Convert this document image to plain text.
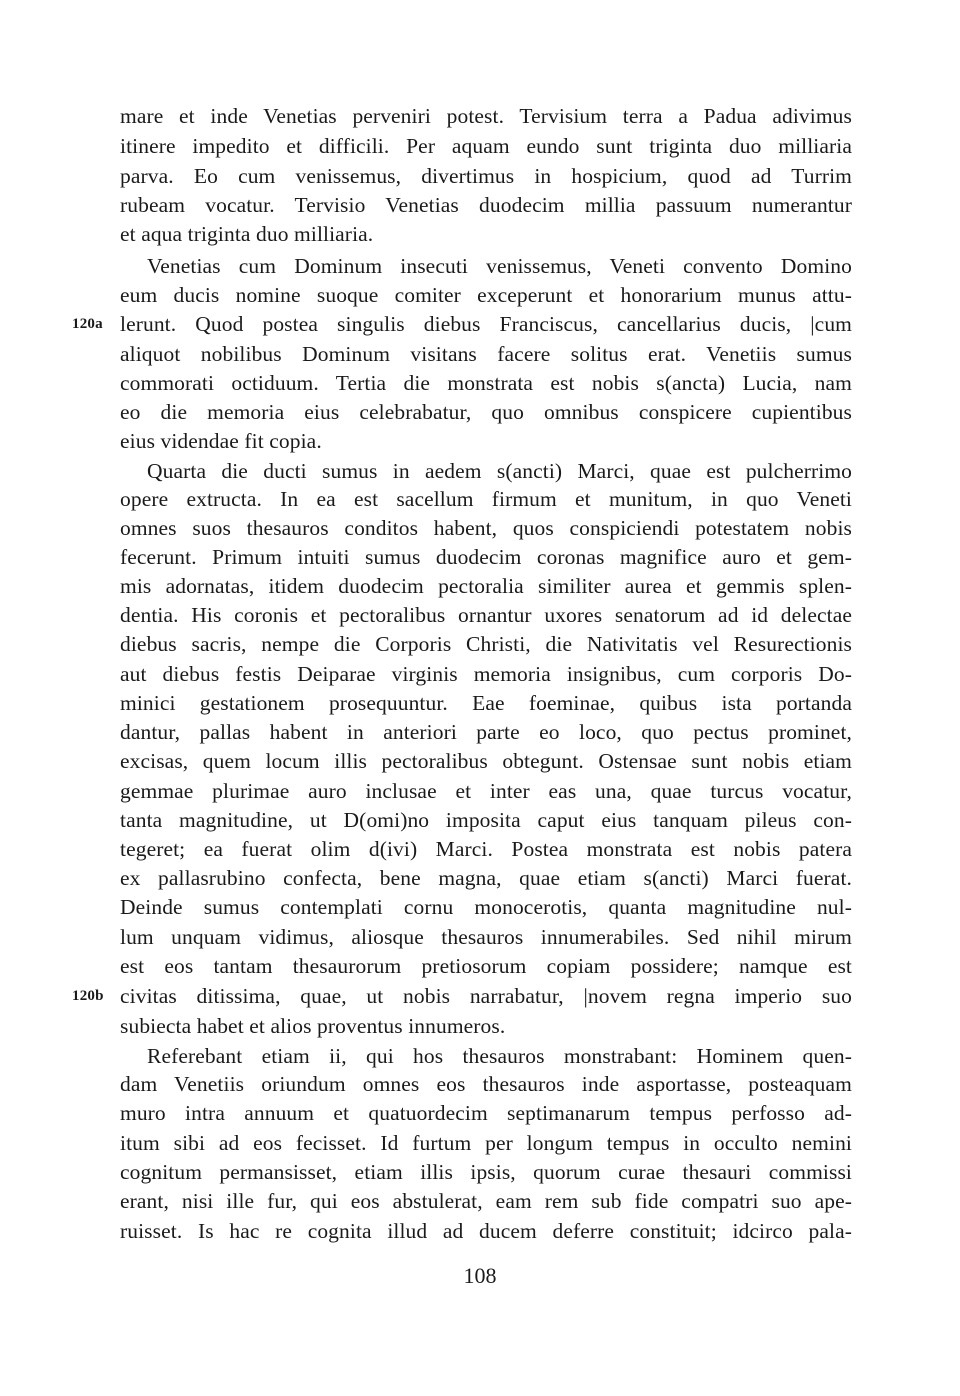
mare et inde Venetias perveniri potest. Tervisium terra a Padua adivimus
itinere impedito et difficili. Per aquam eundo sunt triginta duo milliaria
parva. Eo cum venissemus, divertimus in hospicium, quod ad Turrim
rubeam vocatur. Tervisio Venetias duodecim millia passuum numerantur
et aqua triginta duo milliaria.
Venetias cum Dominum insecuti venissemus, Veneti convento Domino
eum ducis nomine suoque comiter exceperunt et honorarium munus attu-
120a lerunt. Quod postea singulis diebus Franciscus, cancellarius ducis, |cum
aliquot nobilibus Dominum visitans facere solitus erat. Venetiis sumus
commorati octiduum. Tertia die monstrata est nobis s(ancta) Lucia, nam
eo die memoria eius celebrabatur, quo omnibus conspicere cupientibus
eius videndae fit copia.
Quarta die ducti sumus in aedem s(ancti) Marci, quae est pulcherrimo
opere extructa. In ea est sacellum firmum et munitum, in quo Veneti
omnes suos thesauros conditos habent, quos conspiciendi potestatem nobis
fecerunt. Primum intuiti sumus duodecim coronas magnifice auro et gem-
mis adornatas, itidem duodecim pectoralia similiter aurea et gemmis splen-
dentia. His coronis et pectoralibus ornantur uxores senatorum ad id delectae
diebus sacris, nempe die Corporis Christi, die Nativitatis vel Resurectionis
aut diebus festis Deiparae virginis memoria insignibus, cum corporis Do-
minici gestationem prosequuntur. Eae foeminae, quibus ista portanda
dantur, pallas habent in anteriori parte eo loco, quo pectus prominet,
excisas, quem locum illis pectoralibus obtegunt. Ostensae sunt nobis etiam
gemmae plurimae auro inclusae et inter eas una, quae turcus vocatur,
tanta magnitudine, ut D(omi)no imposita caput eius tanquam pileus con-
tegeret; ea fuerat olim d(ivi) Marci. Postea monstrata est nobis patera
ex pallasrubino confecta, bene magna, quae etiam s(ancti) Marci fuerat.
Deinde sumus contemplati cornu monocerotis, quanta magnitudine nul-
lum unquam vidimus, aliosque thesauros innumerabiles. Sed nihil mirum
est eos tantam thesaurorum pretiosorum copiam possidere; namque est
120b civitas ditissima, quae, ut nobis narrabatur, |novem regna imperio suo
subiecta habet et alios proventus innumeros.
Referebant etiam ii, qui hos thesauros monstrabant: Hominem quen-
dam Venetiis oriundum omnes eos thesauros inde asportasse, posteaquam
muro intra annuum et quatuordecim septimanarum tempus perfosso ad-
itum sibi ad eos fecisset. Id furtum per longum tempus in occulto nemini
cognitum permansisset, etiam illis ipsis, quorum curae thesauri commissi
erant, nisi ille fur, qui eos abstulerat, eam rem sub fide compatri suo ape-
ruisset. Is hac re cognita illud ad ducem deferre constituit; idcirco pala-
108
